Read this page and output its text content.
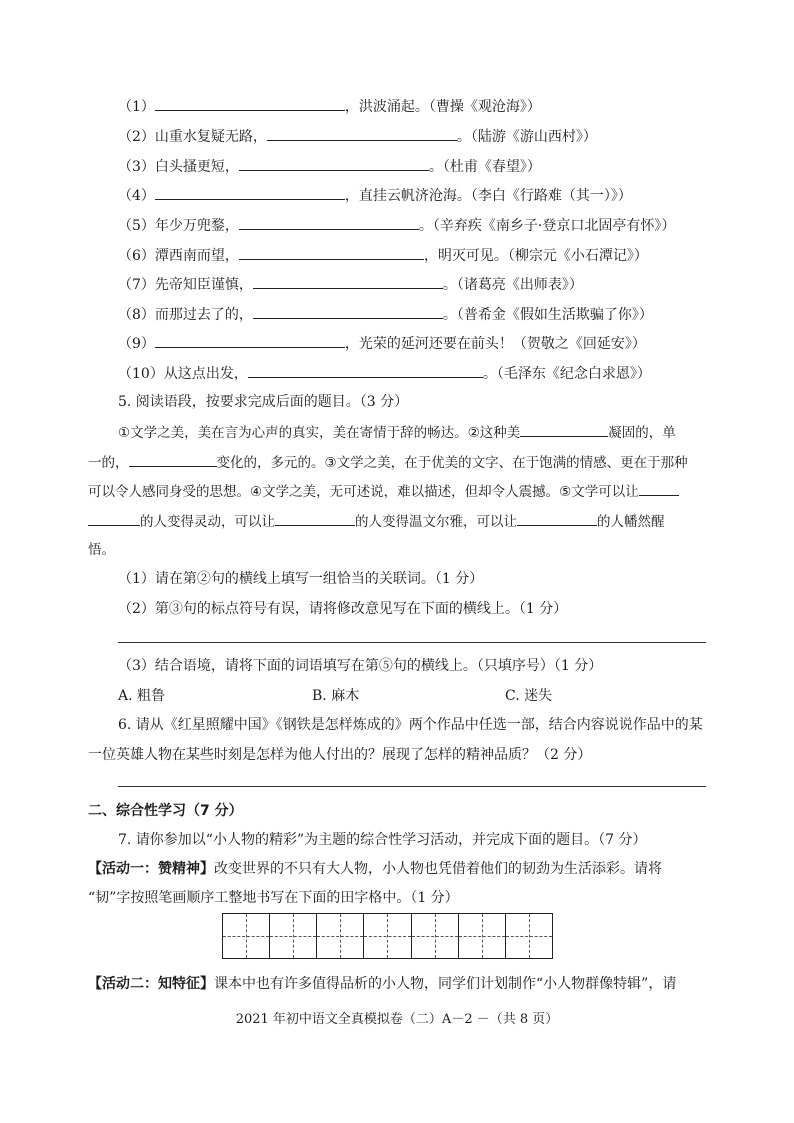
（1）	，洪波涌起。（曹操《观沧海》）
（2）山重水复疑无路，	。（陆游《游山西村》）
（3）白头搔更短，	。（杜甫《春望》）
（4）	，直挂云帆济沧海。（李白《行路难（其一）》）
（5）年少万兜鍪，	。（辛弃疾《南乡子·登京口北固亭有怀》）
（6）潭西南而望，	，明灭可见。（柳宗元《小石潭记》）
（7）先帝知臣谨慎，	。（诸葛亮《出师表》）
（8）而那过去了的，	。（普希金《假如生活欺骗了你》）
（9）	，光荣的延河还要在前头！（贺敬之《回延安》）
（10）从这点出发，	。（毛泽东《纪念白求恩》）
5. 阅读语段，按要求完成后面的题目。（3 分）
①文学之美，美在言为心声的真实，美在寄情于辞的畅达。②这种美	凝固的，单
一的，	变化的，多元的。③文学之美，在于优美的文字、在于饱满的情感、更在于那种
可以令人感同身受的思想。④文学之美，无可述说，难以描述，但却令人震撼。⑤文学可以让
的人变得灵动，可以让	的人变得温文尔雅，可以让	的人幡然醒
悟。
（1）请在第②句的横线上填写一组恰当的关联词。（1 分）
（2）第③句的标点符号有误，请将修改意见写在下面的横线上。（1 分）
（3）结合语境，请将下面的词语填写在第⑤句的横线上。（只填序号）（1 分）
A. 粗鲁	B. 麻木	C. 迷失
6. 请从《红星照耀中国》《钢铁是怎样炼成的》两个作品中任选一部，结合内容说说作品中的某
一位英雄人物在某些时刻是怎样为他人付出的？展现了怎样的精神品质？（2 分）
二、综合性学习（7 分）
7. 请你参加以“小人物的精彩”为主题的综合性学习活动，并完成下面的题目。（7 分）
【活动一：赞精神】改变世界的不只有大人物，小人物也凭借着他们的韧劲为生活添彩。请将
“韧”字按照笔画顺序工整地书写在下面的田字格中。（1 分）
【活动二：知特征】课本中也有许多值得品析的小人物，同学们计划制作“小人物群像特辑”，请
2021 年初中语文全真模拟卷（二）A－2 －（共 8 页）
